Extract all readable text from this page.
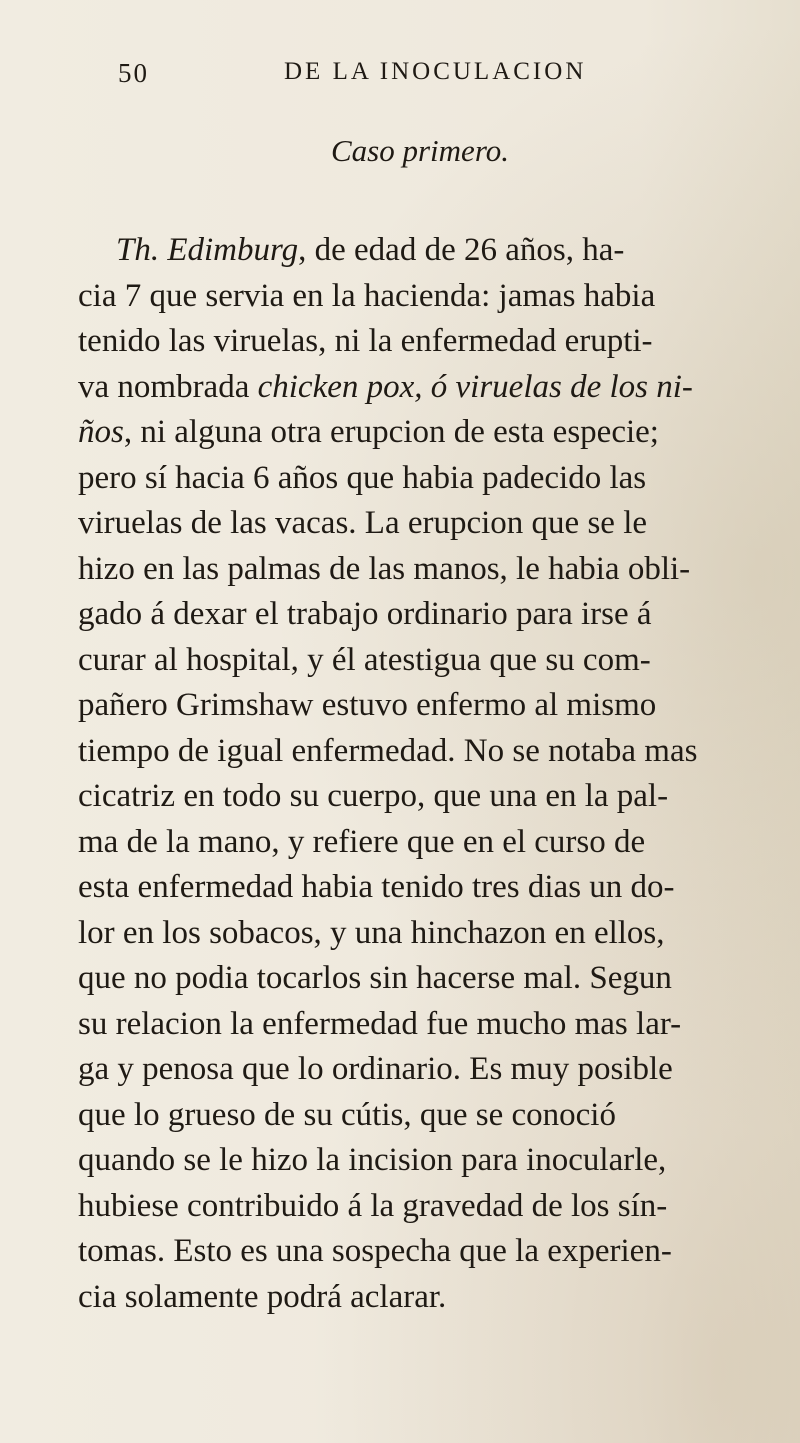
50	DE LA INOCULACION
Caso primero.
Th. Edimburg, de edad de 26 años, ha-
cia 7 que servia en la hacienda: jamas habia
tenido las viruelas, ni la enfermedad erupti-
va nombrada chicken pox, ó viruelas de los ni-
ños, ni alguna otra erupcion de esta especie;
pero sí hacia 6 años que habia padecido las
viruelas de las vacas. La erupcion que se le
hizo en las palmas de las manos, le habia obli-
gado á dexar el trabajo ordinario para irse á
curar al hospital, y él atestigua que su com-
pañero Grimshaw estuvo enfermo al mismo
tiempo de igual enfermedad. No se notaba mas
cicatriz en todo su cuerpo, que una en la pal-
ma de la mano, y refiere que en el curso de
esta enfermedad habia tenido tres dias un do-
lor en los sobacos, y una hinchazon en ellos,
que no podia tocarlos sin hacerse mal. Segun
su relacion la enfermedad fue mucho mas lar-
ga y penosa que lo ordinario. Es muy posible
que lo grueso de su cútis, que se conoció
quando se le hizo la incision para inocularle,
hubiese contribuido á la gravedad de los sín-
tomas. Esto es una sospecha que la experien-
cia solamente podrá aclarar.
